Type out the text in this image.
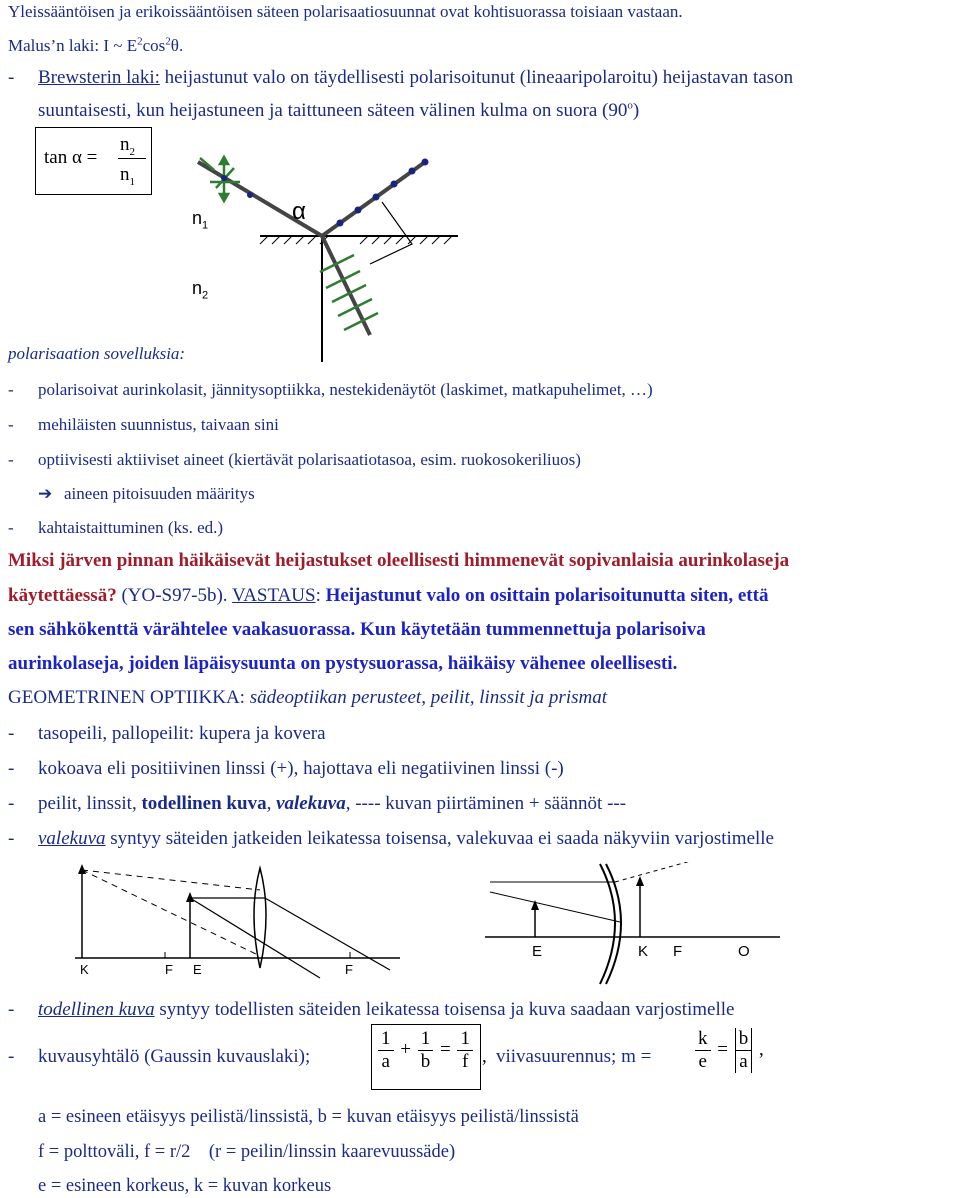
Yleissääntöisen ja erikoissääntöisen säteen polarisaatiosuunnat ovat kohtisuorassa toisiaan vastaan.
Malus’n laki: I ~ $E^2\cos^2\theta$.
- Brewsterin laki: heijastunut valo on täydellisesti polarisoitunut (lineaaripolaroitu) heijastavan tason
suuntaisesti, kun heijastuneen ja taittuneen säteen välinen kulma on suora (90$^o$)
tan α =
$n_2$
$n_1$
$n_1$
α
$n_2$
polarisaation sovelluksia:
- polarisoivat aurinkolasit, jännitysoptiikka, nestekidenäytöt (laskimet, matkapuhelimet, …)
- mehiläisten suunnistus, taivaan sini
- optiivisesti aktiiviset aineet (kiertävät polarisaatiotasoa, esim. ruokosokeriliuos)
➔ aineen pitoisuuden määritys
- kahtaistaittuminen (ks. ed.)
Miksi järven pinnan häikäisevät heijastukset oleellisesti himmenevät sopivanlaisia aurinkolaseja
käytettäessä? (YO-S97-5b). VASTAUS: Heijastunut valo on osittain polarisoitunutta siten, että
sen sähkökenttä värähtelee vaakasuorassa. Kun käytetään tummennettuja polarisoiva
aurinkolaseja, joiden läpäisysuunta on pystysuorassa, häikäisy vähenee oleellisesti.
GEOMETRINEN OPTIIKKA: sädeoptiikan perusteet, peilit, linssit ja prismat
- tasopeili, pallopeilit: kupera ja kovera
- kokoava eli positiivinen linssi (+), hajottava eli negatiivinen linssi (-)
- peilit, linssit, todellinen kuva, valekuva, ---- kuvan piirtäminen + säännöt ---
- valekuva syntyy säteiden jatkeiden leikatessa toisensa, valekuvaa ei saada näkyviin varjostimelle
K	F E	F
E	K F	O
- todellinen kuva syntyy todellisten säteiden leikatessa toisensa ja kuva saadaan varjostimelle
- kuvausyhtälö (Gaussin kuvauslaki);	$\frac{1}{a} + \frac{1}{b} = \frac{1}{f}$ , viivasuurennus; $m = \frac{k}{e} = \frac{b}{a}$ ,
a = esineen etäisyys peilistä/linssistä, b = kuvan etäisyys peilistä/linssistä
f = polttoväli, f = r/2    (r = peilin/linssin kaarevuussäde)
e = esineen korkeus, k = kuvan korkeus
